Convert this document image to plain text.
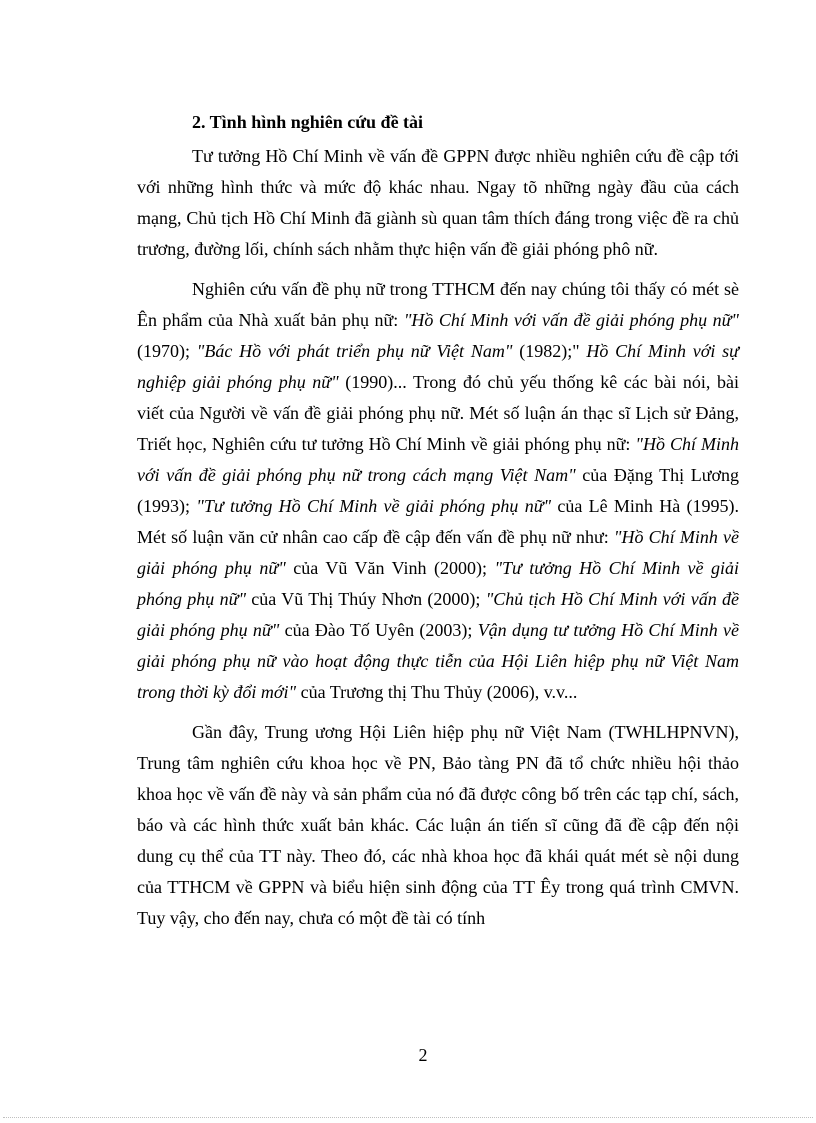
2. Tình hình nghiên cứu đề tài

Tư tưởng Hồ Chí Minh về vấn đề GPPN được nhiều nghiên cứu đề cập tới với những hình thức và mức độ khác nhau. Ngay tõ những ngày đầu của cách mạng, Chủ tịch Hồ Chí Minh đã giành sù quan tâm thích đáng trong việc đề ra chủ trương, đường lối, chính sách nhằm thực hiện vấn đề giải phóng phô nữ.

Nghiên cứu vấn đề phụ nữ trong TTHCM đến nay chúng tôi thấy có mét sè Ên phẩm của Nhà xuất bản phụ nữ: "Hồ Chí Minh với vấn đề giải phóng phụ nữ" (1970); "Bác Hồ với phát triển phụ nữ Việt Nam" (1982);" Hồ Chí Minh với sự nghiệp giải phóng phụ nữ" (1990)... Trong đó chủ yếu thống kê các bài nói, bài viết của Người về vấn đề giải phóng phụ nữ. Mét số luận án thạc sĩ Lịch sử Đảng, Triết học, Nghiên cứu tư tưởng Hồ Chí Minh về giải phóng phụ nữ: "Hồ Chí Minh với vấn đề giải phóng phụ nữ trong cách mạng Việt Nam" của Đặng Thị Lương (1993); "Tư tưởng Hồ Chí Minh về giải phóng phụ nữ" của Lê Minh Hà (1995). Mét số luận văn cử nhân cao cấp đề cập đến vấn đề phụ nữ như: "Hồ Chí Minh về giải phóng phụ nữ" của Vũ Văn Vinh (2000); "Tư tưởng Hồ Chí Minh về giải phóng phụ nữ" của Vũ Thị Thúy Nhơn (2000); "Chủ tịch Hồ Chí Minh với vấn đề giải phóng phụ nữ" của Đào Tố Uyên (2003); Vận dụng tư tưởng Hồ Chí Minh về giải phóng phụ nữ vào hoạt động thực tiễn của Hội Liên hiệp phụ nữ Việt Nam trong thời kỳ đổi mới" của Trương thị Thu Thủy (2006), v.v...

Gần đây, Trung ương Hội Liên hiệp phụ nữ Việt Nam (TWHLHPNVN), Trung tâm nghiên cứu khoa học về PN, Bảo tàng PN đã tổ chức nhiều hội thảo khoa học về vấn đề này và sản phẩm của nó đã được công bố trên các tạp chí, sách, báo và các hình thức xuất bản khác. Các luận án tiến sĩ cũng đã đề cập đến nội dung cụ thể của TT này. Theo đó, các nhà khoa học đã khái quát mét sè nội dung của TTHCM về GPPN và biểu hiện sinh động của TT Êy trong quá trình CMVN. Tuy vậy, cho đến nay, chưa có một đề tài có tính

2
